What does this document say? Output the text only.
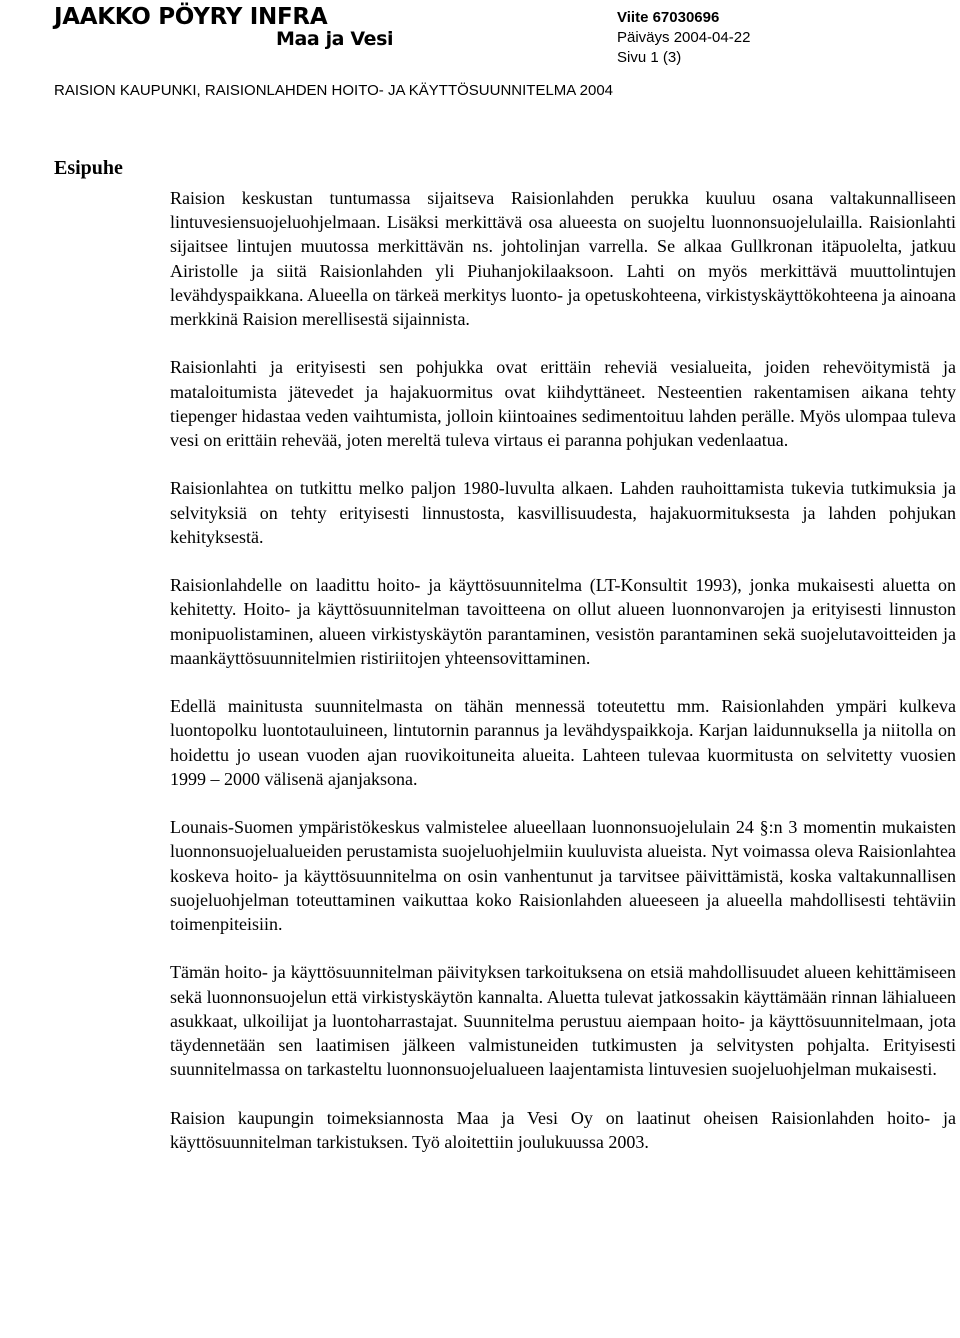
JAAKKO PÖYRY INFRA
Maa ja Vesi
Viite 67030696
Päiväys 2004-04-22
Sivu 1 (3)
RAISION KAUPUNKI, RAISIONLAHDEN HOITO- JA KÄYTTÖSUUNNITELMA 2004
Esipuhe

Raision keskustan tuntumassa sijaitseva Raisionlahden perukka kuuluu osana valtakunnalliseen lintuvesiensuojeluohjelmaan. Lisäksi merkittävä osa alueesta on suojeltu luonnonsuojelulailla. Raisionlahti sijaitsee lintujen muutossa merkittävän ns. johtolinjan varrella. Se alkaa Gullkronan itäpuolelta, jatkuu Airistolle ja siitä Raisionlahden yli Piuhanjokilaaksoon. Lahti on myös merkittävä muuttolintujen levähdyspaikkana. Alueella on tärkeä merkitys luonto- ja opetuskohteena, virkistyskäyttökohteena ja ainoana merkkinä Raision merellisestä sijainnista.

Raisionlahti ja erityisesti sen pohjukka ovat erittäin reheviä vesialueita, joiden rehevöitymistä ja mataloitumista jätevedet ja hajakuormitus ovat kiihdyttäneet. Nesteentien rakentamisen aikana tehty tiepenger hidastaa veden vaihtumista, jolloin kiintoaines sedimentoituu lahden perälle. Myös ulompaa tuleva vesi on erittäin rehevää, joten mereltä tuleva virtaus ei paranna pohjukan vedenlaatua.

Raisionlahtea on tutkittu melko paljon 1980-luvulta alkaen. Lahden rauhoittamista tukevia tutkimuksia ja selvityksiä on tehty erityisesti linnustosta, kasvillisuudesta, hajakuormituksesta ja lahden pohjukan kehityksestä.

Raisionlahdelle on laadittu hoito- ja käyttösuunnitelma (LT-Konsultit 1993), jonka mukaisesti aluetta on kehitetty. Hoito- ja käyttösuunnitelman tavoitteena on ollut alueen luonnonvarojen ja erityisesti linnuston monipuolistaminen, alueen virkistyskäytön parantaminen, vesistön parantaminen sekä suojelutavoitteiden ja maankäyttösuunnitelmien ristiriitojen yhteensovittaminen.

Edellä mainitusta suunnitelmasta on tähän mennessä toteutettu mm. Raisionlahden ympäri kulkeva luontopolku luontotauluineen, lintutornin parannus ja levähdyspaikkoja. Karjan laidunnuksella ja niitolla on hoidettu jo usean vuoden ajan ruovikoituneita alueita. Lahteen tulevaa kuormitusta on selvitetty vuosien 1999 – 2000 välisenä ajanjaksona.

Lounais-Suomen ympäristökeskus valmistelee alueellaan luonnonsuojelulain 24 §:n 3 momentin mukaisten luonnonsuojelualueiden perustamista suojeluohjelmiin kuuluvista alueista. Nyt voimassa oleva Raisionlahtea koskeva hoito- ja käyttösuunnitelma on osin vanhentunut ja tarvitsee päivittämistä, koska valtakunnallisen suojeluohjelman toteuttaminen vaikuttaa koko Raisionlahden alueeseen ja alueella mahdollisesti tehtäviin toimenpiteisiin.

Tämän hoito- ja käyttösuunnitelman päivityksen tarkoituksena on etsiä mahdollisuudet alueen kehittämiseen sekä luonnonsuojelun että virkistyskäytön kannalta. Aluetta tulevat jatkossakin käyttämään rinnan lähialueen asukkaat, ulkoilijat ja luontoharrastajat. Suunnitelma perustuu aiempaan hoito- ja käyttösuunnitelmaan, jota täydennetään sen laatimisen jälkeen valmistuneiden tutkimusten ja selvitysten pohjalta. Erityisesti suunnitelmassa on tarkasteltu luonnonsuojelualueen laajentamista lintuvesien suojeluohjelman mukaisesti.

Raision kaupungin toimeksiannosta Maa ja Vesi Oy on laatinut oheisen Raisionlahden hoito- ja käyttösuunnitelman tarkistuksen. Työ aloitettiin joulukuussa 2003.
